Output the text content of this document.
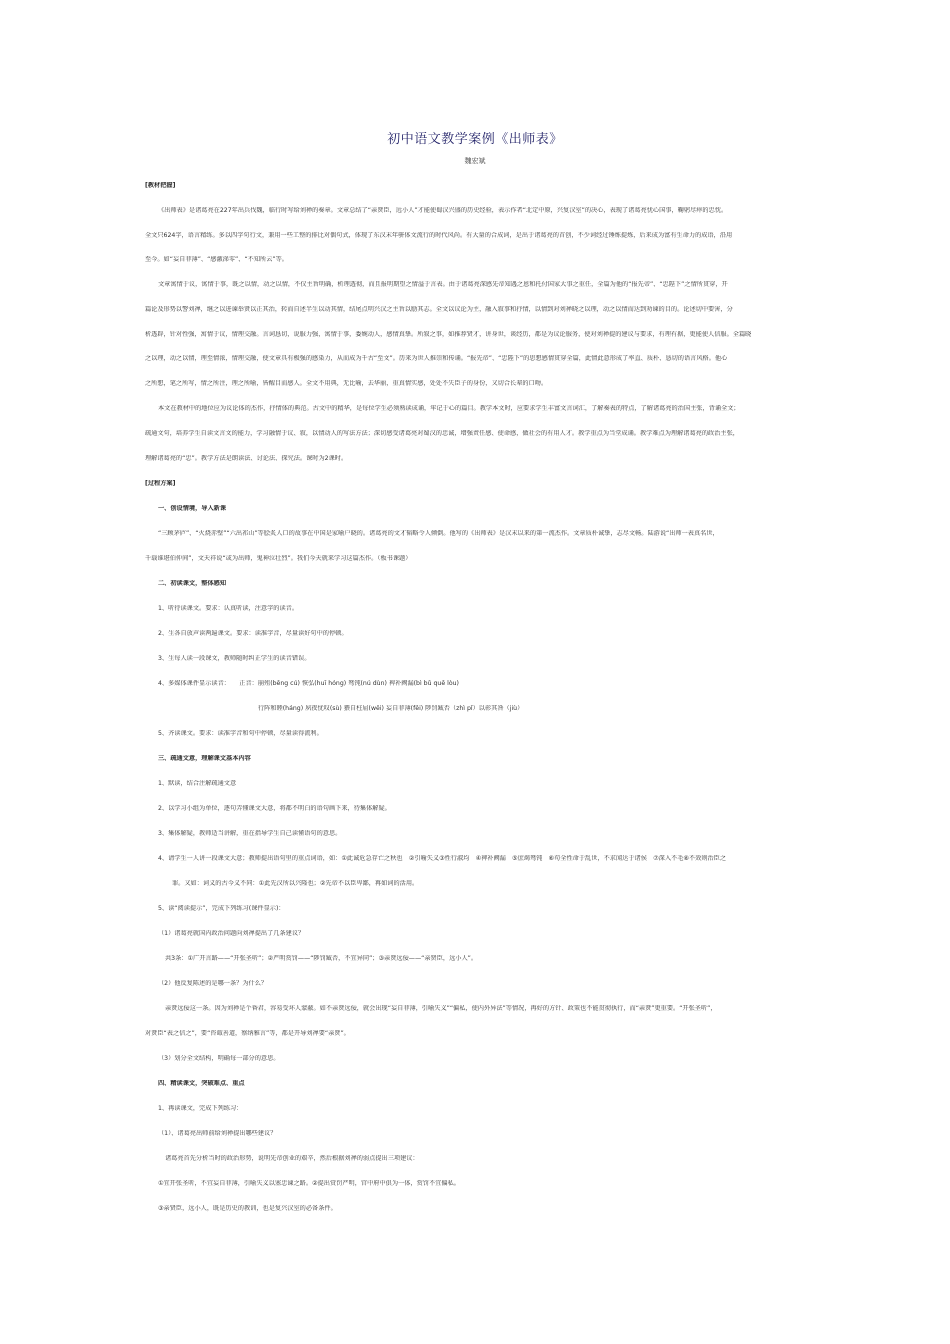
初中语文教学案例《出师表》
魏宏斌
[教材把握]
《出师表》是诸葛亮在227年出兵伐魏，临行时写给刘禅的奏章。文章总结了“亲贤臣，远小人”才能使蜀汉兴盛的历史经验，表示作者“北定中原，兴复汉室”的决心，表现了诸葛亮忧心国事，鞠躬尽瘁的忠忱。
全文只624字，语言精练。多以四字句行文，兼用一些工整的排比对偶句式，体现了东汉末年骈体文流行的时代风尚。有大量的合成词，是出于诸葛亮的首创，不少词经过锤炼提炼，后来成为富有生命力的成语，沿用
至今。如“妄自菲薄”、“感激涕零”、“不知所云”等。
文章寓情于议，寓情于事，既之以情，动之以情，不仅主旨明确，析理透彻，而且报明期望之情溢于言表。由于诸葛亮深感先帝知遇之恩和托付国家大事之重任，全篇为他的“报先帝”、“忠陛下”之情所贯穿，开
篇论及形势以警刘禅，继之以进谏举贤以正其治，转而自述半生以动其情，结尾点明兴汉之主旨以励其志。全文以议论为主，融入叙事和抒情，以情到对刘禅晓之以理，动之以情而达到劝谏的目的。论述切中要害，分
析透辟，针对性强，寓情于议，情理交融。言词恳切，说服力强，寓情于事，委婉动人，感情真挚。所叙之事，如推荐贤才，讲身世，谈经历，都是为议论服务，使对刘禅提的建议与要求，有理有据，更能使人信服。全篇晓
之以理，动之以情，理至情浓，情理交融，使文章具有极强的感染力，从而成为千古“至文”。历来为世人推崇和传诵。“报先帝”、“忠陛下”的思想感情贯穿全篇，此情此意形成了率直、质朴、恳切的语言风格。他心
之所想，笔之所写，情之所注，理之所喻，皆醒目而感人。全文不用典，无比喻，去华丽，重真情实感，处处不失臣子的身份，又切合长辈的口吻。
本文在教材中的地位应为议论体的杰作，抒情体的典范。古文中的精华，是每位学生必须熟读成诵，牢记于心的篇目。教学本文时，应要求学生丰富文言词汇，了解奏表的特点，了解诸葛亮的治国主张，背诵全文；
疏通文句，培养学生自读文言文的能力，学习融情于议、叙，以情动人的写法方法；深切感受诸葛亮对蜀汉的忠诚，增强责任感、使命感，做社会的有用人才。教学重点为当堂成诵。教学难点为理解诸葛亮的政治主张，
理解诸葛亮的“忠”。教学方法是朗读法、讨论法、探究法。课时为2课时。
[过程方案]
一、创设情境，导入新课
“三顾茅庐”、“火烧赤壁”“六出祁山”等脍炙人口的故事在中国是家喻户晓的。诸葛亮的文才韬略令人倾倒。他写的《出师表》是汉末以来的第一流杰作。文章质朴诚挚，志尽文畅。陆游说“出师一表真名世，
千载谁堪伯仲间”，文天祥说“或为出师，鬼神泣壮烈”。我们今天就来学习这篇杰作。（板书课题）
二、初读课文，整体感知
1、听待读课文。要求：认真听读，注意字的读音。
2、生各自放声读两遍课文。要求：读准字音，尽量读好句中的停顿。
3、生每人读一段课文，教师随时纠正学生的读音错误。
4、多媒体课件显示读音：　　正音：崩殂(bēng cú) 恢弘(huī hóng) 驽钝(nú dùn) 裨补阙漏(bì bǔ quē lòu)
行阵和睦(háng) 夙夜忧叹(sù) 猥自枉屈(wěi) 妄自菲薄(fěi) 陟罚臧否（zhì pǐ）以彰其咎（jiù）
5、齐读课文。要求：读准字音和句中停顿，尽量读得流利。
三、疏通文意，理解课文基本内容
1、默读，结合注解疏通文意
2、以学习小组为单位，逐句弄懂课文大意，将都不明白的语句画下来，待集体解疑。
3、集体解疑，教师适当讲解，重在指导学生自己读懂语句的意思。
4、请学生一人讲一段课文大意；教师提出语句里的重点词语，如：①此诚危急存亡之秋也　②引喻失义③性行淑均　④裨补阙漏　⑤庶竭驽钝　⑥苟全性命于乱世，不求闻达于诸侯　⑦深入不毛⑧不效则治臣之
罪。又如：词义的古今义不同：①此先汉所以兴隆也；②先帝不以臣卑鄙，再如词的活用。
5、读“阅读提示”，完成下列练习(课件显示)：
（1）诸葛亮就国内政治问题向刘禅提出了几条建议？
共3条：①广开言路——“开张圣听”；②严明赏罚——“陟罚臧否，不宜异同”；③亲贤远佞——“亲贤臣，远小人”。
（2）他反复陈述的是哪一条？为什么？
亲贤远佞这一条。因为刘禅是个昏君，容易受坏人蒙蔽。如不亲贤远佞，就会出现“妄自菲薄，引喻失义”“偏私，使内外异法”等情况，再好的方针、政策也不能贯彻执行，而“亲贤”更重要。“开张圣听”，
对贤臣“表之信之”，要“咨诹善道，察纳雅言”等，都是开导刘禅要“亲贤”。
（3）划分全文结构，明确每一部分的意思。
四、精读课文，突破难点、重点
1、再读课文，完成下列练习：
（1）、诸葛亮出师前给刘禅提出哪些建议？
诸葛亮首先分析当时的政治形势，说明先帝创业的艰辛，然后根据刘禅的弱点提出三项建议：
①宜开张圣听，不宜妄自菲薄，引喻失义以塞忠谏之路。②提出赏罚严明，宫中府中俱为一体，赏罚不宜偏私。
③亲贤臣，远小人，既是历史的教训，也是复兴汉室的必备条件。
